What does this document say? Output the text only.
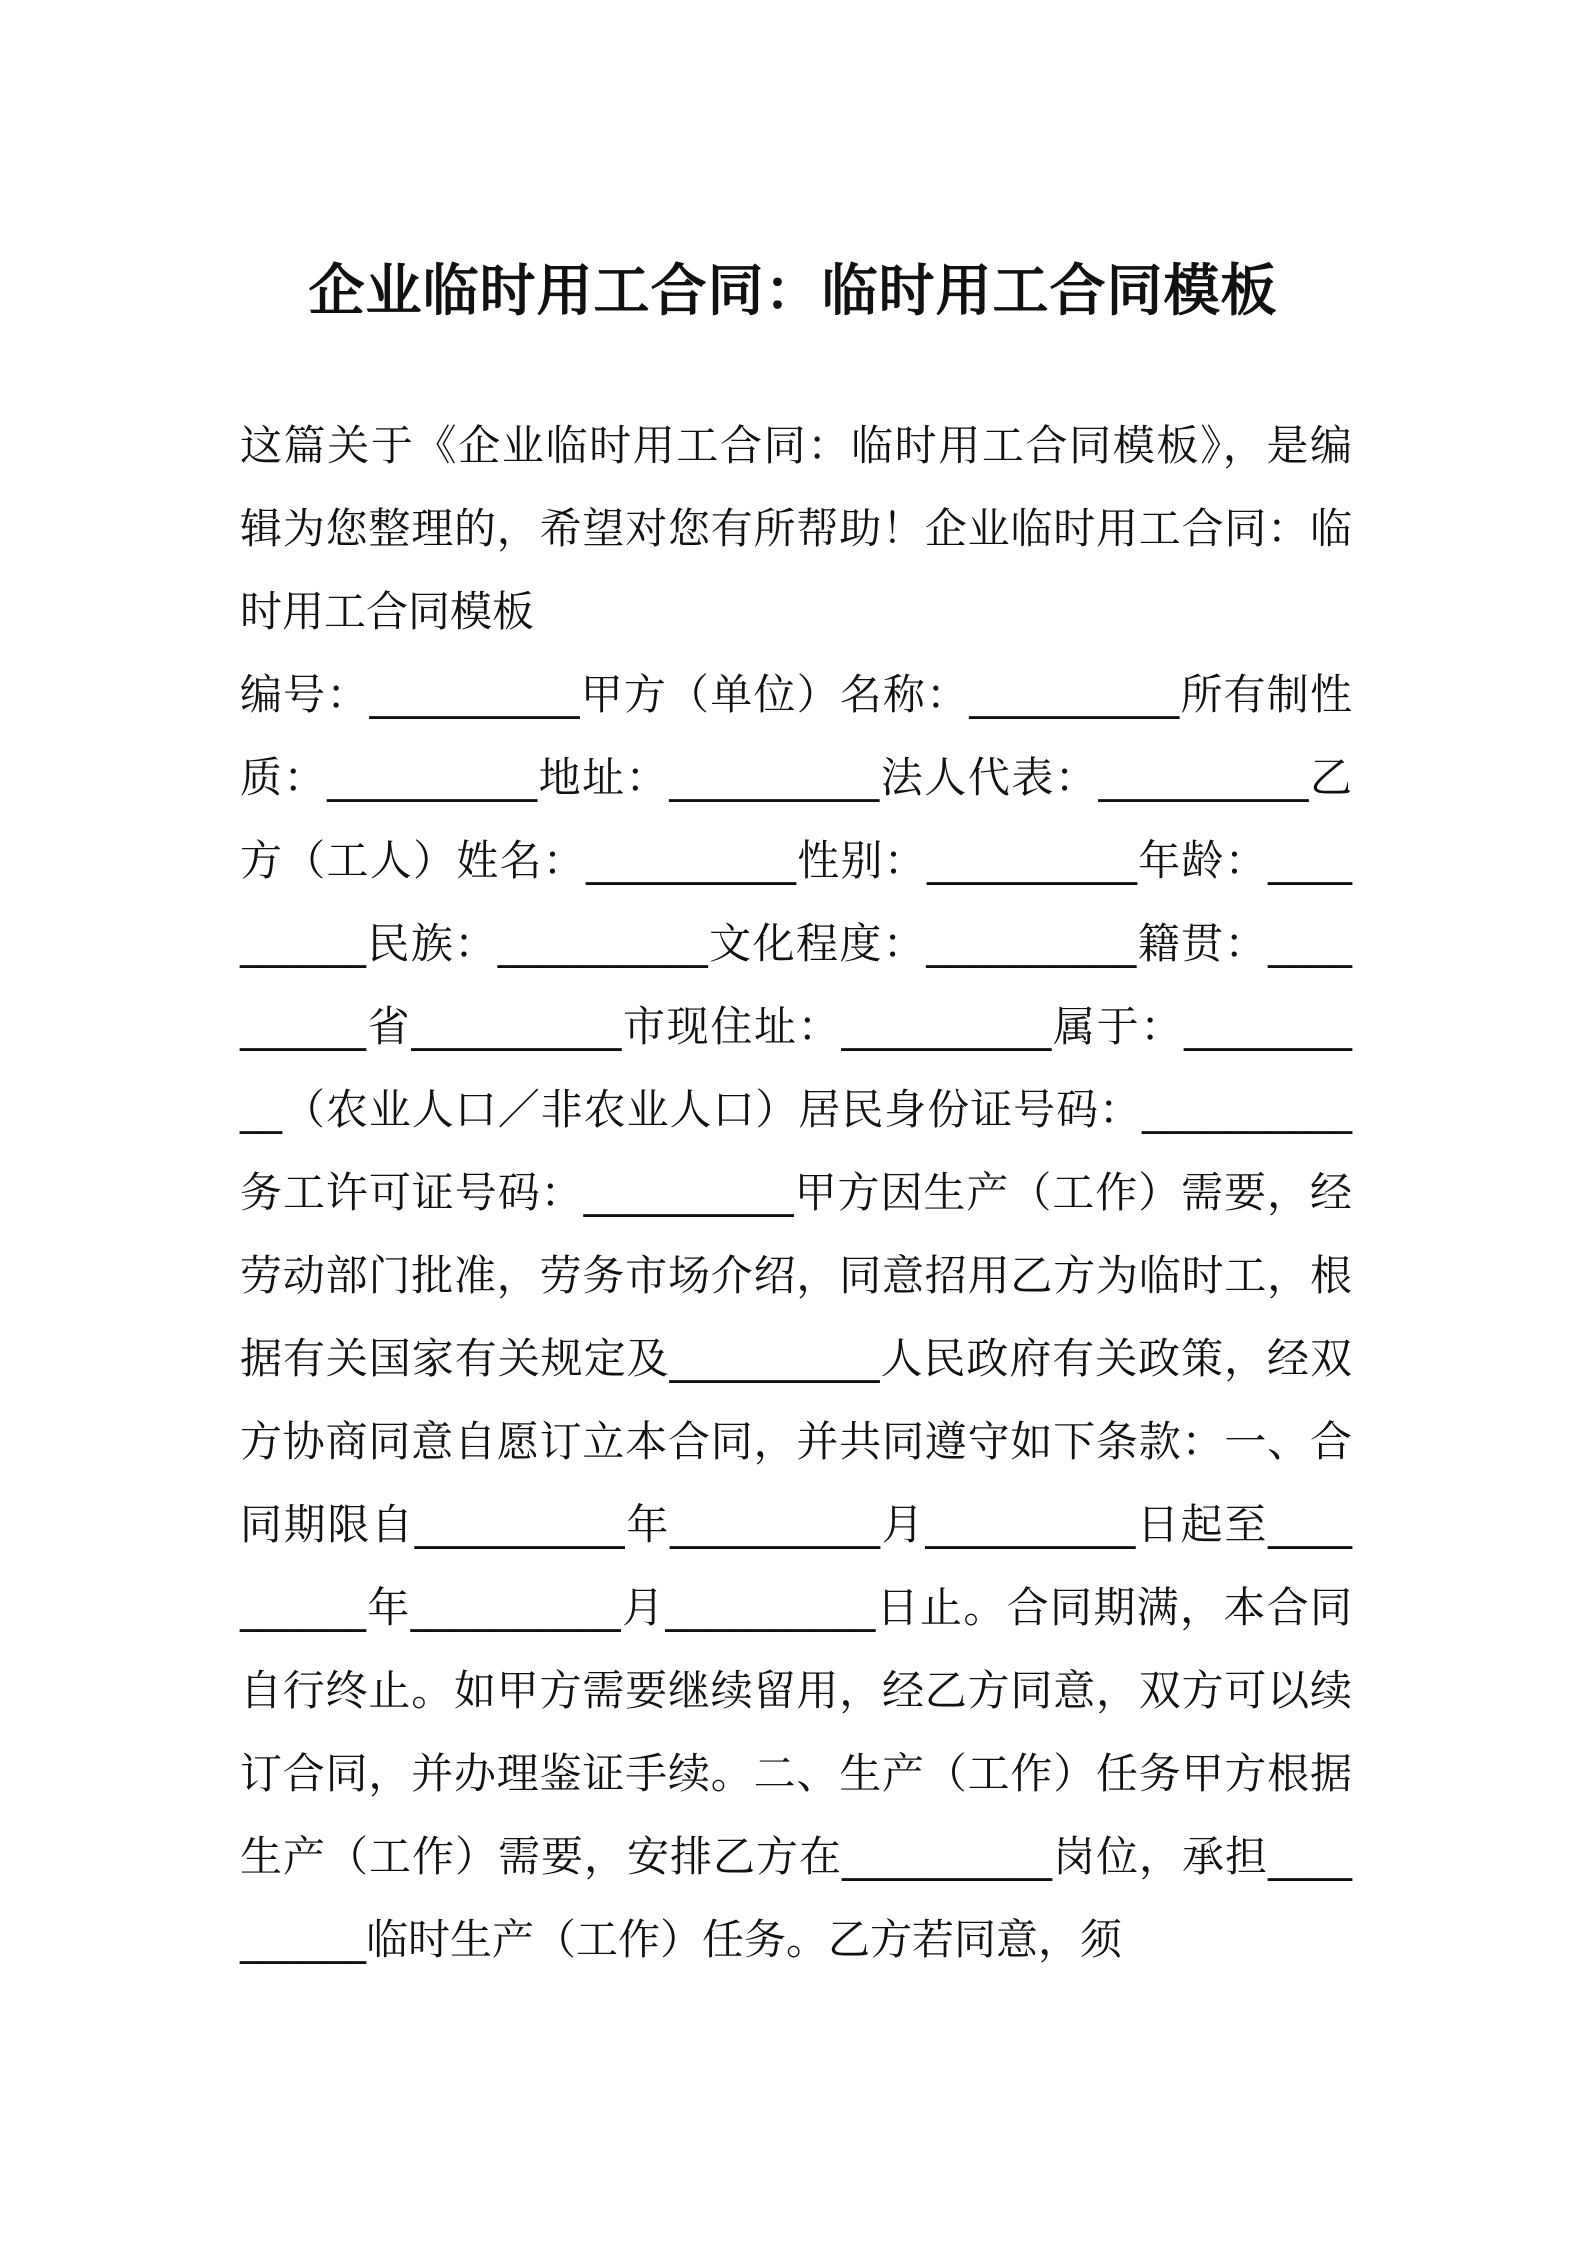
企业临时用工合同：临时用工合同模板

这篇关于《企业临时用工合同：临时用工合同模板》，是编辑为您整理的，希望对您有所帮助！企业临时用工合同：临时用工合同模板

编号：__________甲方（单位）名称：__________所有制性质：__________地址：__________法人代表：__________乙方（工人）姓名：__________性别：__________年龄：__________民族：__________文化程度：__________籍贯：__________省__________市现住址：__________属于：__________（农业人口／非农业人口）居民身份证号码：__________务工许可证号码：__________甲方因生产（工作）需要，经劳动部门批准，劳务市场介绍，同意招用乙方为临时工，根据有关国家有关规定及__________人民政府有关政策，经双方协商同意自愿订立本合同，并共同遵守如下条款：一、合同期限自__________年__________月__________日起至__________年__________月__________日止。合同期满，本合同自行终止。如甲方需要继续留用，经乙方同意，双方可以续订合同，并办理鉴证手续。二、生产（工作）任务甲方根据生产（工作）需要，安排乙方在__________岗位，承担__________临时生产（工作）任务。乙方若同意，须
